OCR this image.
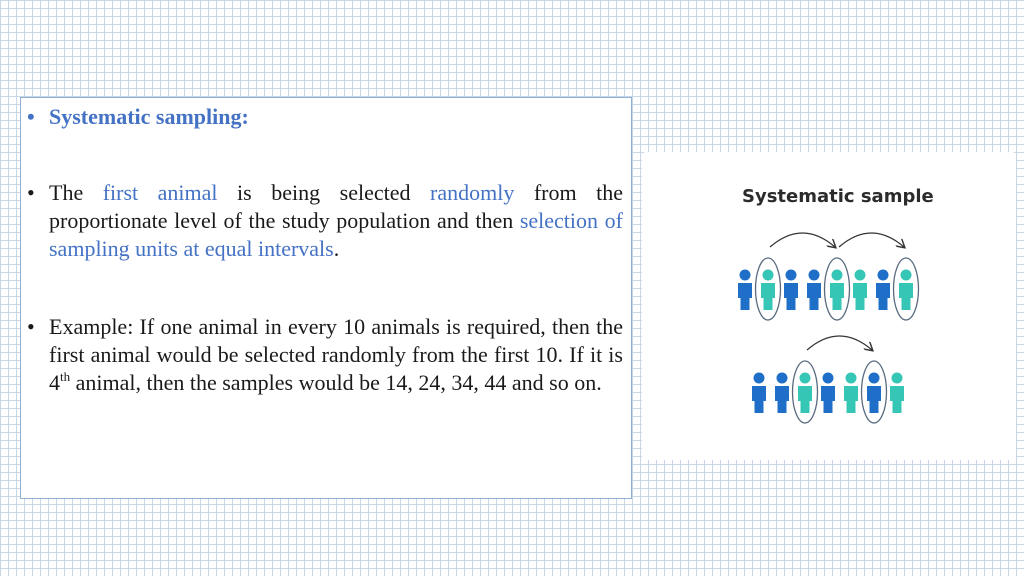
• Systematic sampling:
• The first animal is being selected randomly from the proportionate level of the study population and then selection of sampling units at equal intervals.
• Example: If one animal in every 10 animals is required, then the first animal would be selected randomly from the first 10. If it is 4th animal, then the samples would be 14, 24, 34, 44 and so on.
Systematic sample
